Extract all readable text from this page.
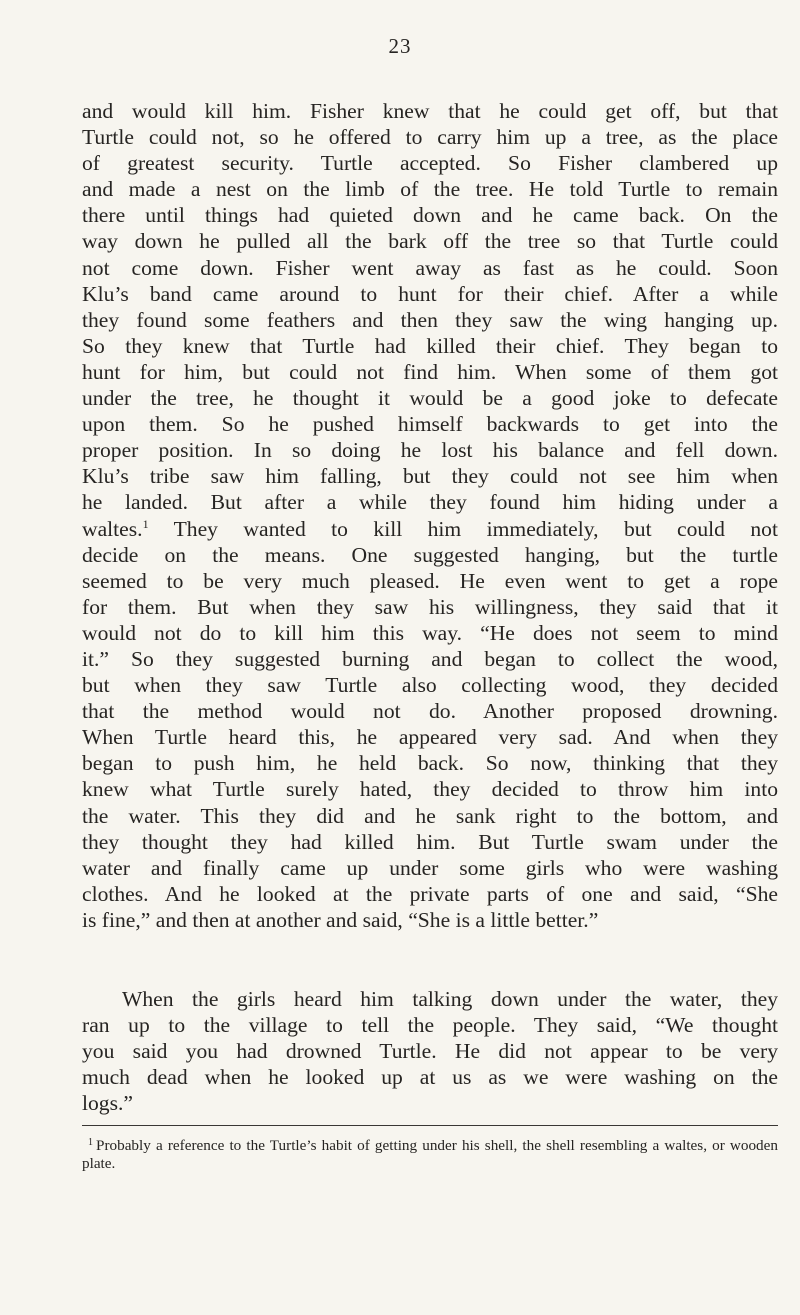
23
and would kill him. Fisher knew that he could get off, but that
Turtle could not, so he offered to carry him up a tree, as the place
of greatest security. Turtle accepted. So Fisher clambered up
and made a nest on the limb of the tree. He told Turtle to remain
there until things had quieted down and he came back. On the
way down he pulled all the bark off the tree so that Turtle could
not come down. Fisher went away as fast as he could. Soon
Klu’s band came around to hunt for their chief. After a while
they found some feathers and then they saw the wing hanging up.
So they knew that Turtle had killed their chief. They began to
hunt for him, but could not find him. When some of them got
under the tree, he thought it would be a good joke to defecate
upon them. So he pushed himself backwards to get into the
proper position. In so doing he lost his balance and fell down.
Klu’s tribe saw him falling, but they could not see him when
he landed. But after a while they found him hiding under a
waltes.$^1$ They wanted to kill him immediately, but could not
decide on the means. One suggested hanging, but the turtle
seemed to be very much pleased. He even went to get a rope
for them. But when they saw his willingness, they said that it
would not do to kill him this way. “He does not seem to mind
it.” So they suggested burning and began to collect the wood,
but when they saw Turtle also collecting wood, they decided
that the method would not do. Another proposed drowning.
When Turtle heard this, he appeared very sad. And when they
began to push him, he held back. So now, thinking that they
knew what Turtle surely hated, they decided to throw him into
the water. This they did and he sank right to the bottom, and
they thought they had killed him. But Turtle swam under the
water and finally came up under some girls who were washing
clothes. And he looked at the private parts of one and said, “She
is fine,” and then at another and said, “She is a little better.”
When the girls heard him talking down under the water, they
ran up to the village to tell the people. They said, “We thought
you said you had drowned Turtle. He did not appear to be very
much dead when he looked up at us as we were washing on the
logs.”
$^1$ Probably a reference to the Turtle’s habit of getting under his shell, the shell resembling a waltes, or wooden plate.
